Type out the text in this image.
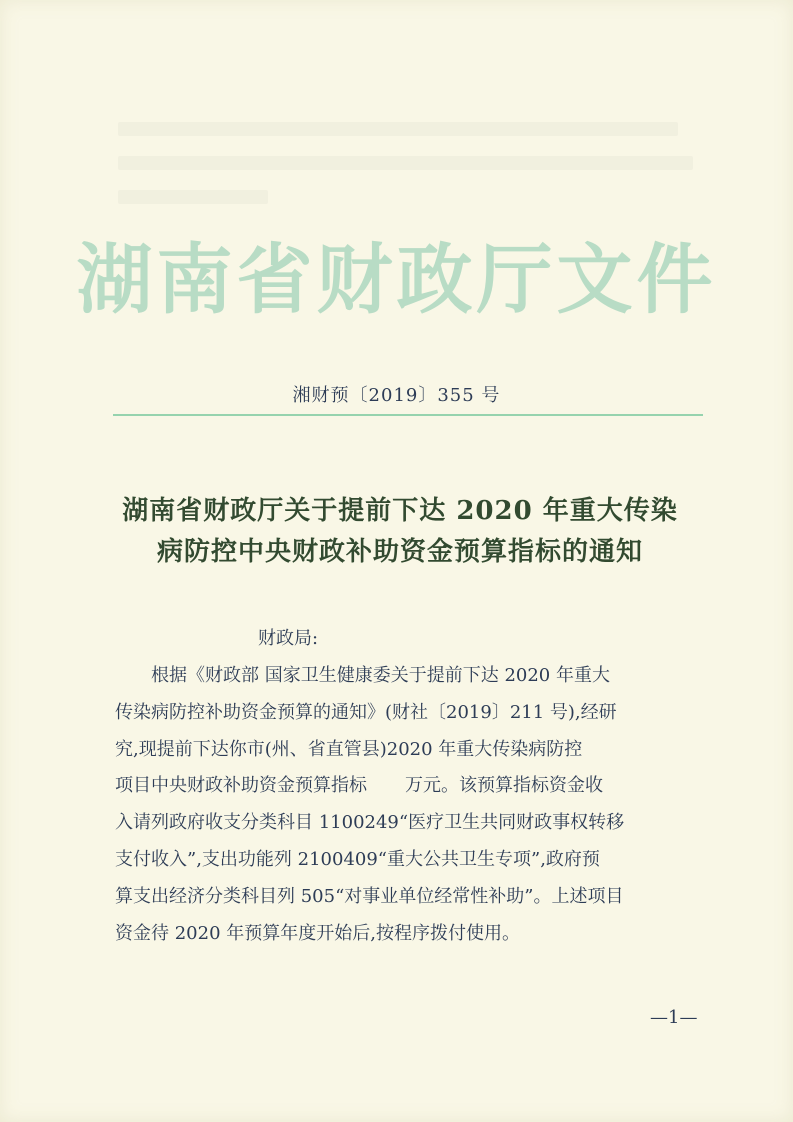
湖南省财政厅文件
湘财预〔2019〕355 号
湖南省财政厅关于提前下达 2020 年重大传染
病防控中央财政补助资金预算指标的通知
财政局:
根据《财政部 国家卫生健康委关于提前下达 2020 年重大
传染病防控补助资金预算的通知》(财社〔2019〕211 号),经研
究,现提前下达你市(州、省直管县)2020 年重大传染病防控
项目中央财政补助资金预算指标 万元。该预算指标资金收
入请列政府收支分类科目 1100249“医疗卫生共同财政事权转移
支付收入”,支出功能列 2100409“重大公共卫生专项”,政府预
算支出经济分类科目列 505“对事业单位经常性补助”。上述项目
资金待 2020 年预算年度开始后,按程序拨付使用。
—1—
